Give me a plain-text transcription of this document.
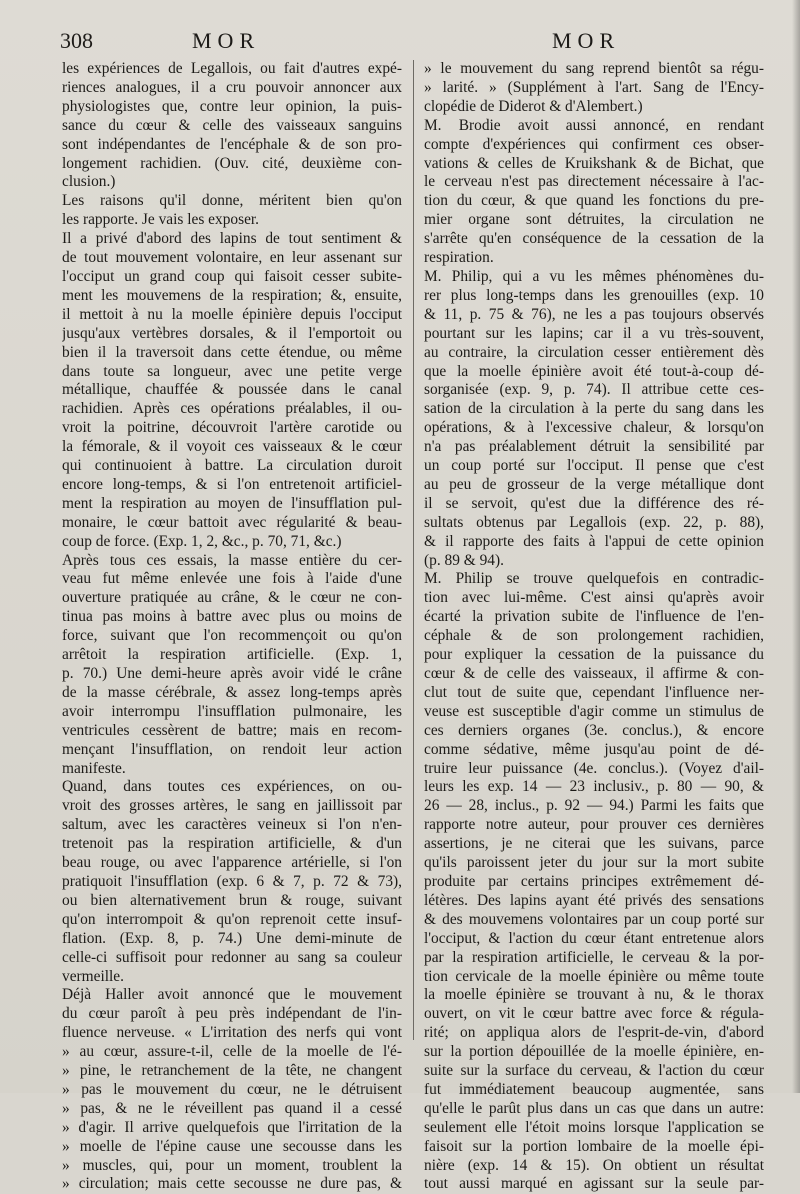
308	MOR	MOR
les expériences de Legallois, ou fait d'autres expé-
riences analogues, il a cru pouvoir annoncer aux
physiologistes que, contre leur opinion, la puis-
sance du cœur & celle des vaisseaux sanguins
sont indépendantes de l'encéphale & de son pro-
longement rachidien. (Ouv. cité, deuxième con-
clusion.)
Les raisons qu'il donne, méritent bien qu'on
les rapporte. Je vais les exposer.
Il a privé d'abord des lapins de tout sentiment &
de tout mouvement volontaire, en leur assenant sur
l'occiput un grand coup qui faisoit cesser subite-
ment les mouvemens de la respiration; &, ensuite,
il mettoit à nu la moelle épinière depuis l'occiput
jusqu'aux vertèbres dorsales, & il l'emportoit ou
bien il la traversoit dans cette étendue, ou même
dans toute sa longueur, avec une petite verge
métallique, chauffée & poussée dans le canal
rachidien. Après ces opérations préalables, il ou-
vroit la poitrine, découvroit l'artère carotide ou
la fémorale, & il voyoit ces vaisseaux & le cœur
qui continuoient à battre. La circulation duroit
encore long-temps, & si l'on entretenoit artificiel-
ment la respiration au moyen de l'insufflation pul-
monaire, le cœur battoit avec régularité & beau-
coup de force. (Exp. 1, 2, &c., p. 70, 71, &c.)
Après tous ces essais, la masse entière du cer-
veau fut même enlevée une fois à l'aide d'une
ouverture pratiquée au crâne, & le cœur ne con-
tinua pas moins à battre avec plus ou moins de
force, suivant que l'on recommençoit ou qu'on
arrêtoit la respiration artificielle. (Exp. 1,
p. 70.) Une demi-heure après avoir vidé le crâne
de la masse cérébrale, & assez long-temps après
avoir interrompu l'insufflation pulmonaire, les
ventricules cessèrent de battre; mais en recom-
mençant l'insufflation, on rendoit leur action
manifeste.
Quand, dans toutes ces expériences, on ou-
vroit des grosses artères, le sang en jaillissoit par
saltum, avec les caractères veineux si l'on n'en-
tretenoit pas la respiration artificielle, & d'un
beau rouge, ou avec l'apparence artérielle, si l'on
pratiquoit l'insufflation (exp. 6 & 7, p. 72 & 73),
ou bien alternativement brun & rouge, suivant
qu'on interrompoit & qu'on reprenoit cette insuf-
flation. (Exp. 8, p. 74.) Une demi-minute de
celle-ci suffisoit pour redonner au sang sa couleur
vermeille.
Déjà Haller avoit annoncé que le mouvement
du cœur paroît à peu près indépendant de l'in-
fluence nerveuse. « L'irritation des nerfs qui vont
» au cœur, assure-t-il, celle de la moelle de l'é-
» pine, le retranchement de la tête, ne changent
» pas le mouvement du cœur, ne le détruisent
» pas, & ne le réveillent pas quand il a cessé
» d'agir. Il arrive quelquefois que l'irritation de la
» moelle de l'épine cause une secousse dans les
» muscles, qui, pour un moment, troublent la
» circulation; mais cette secousse ne dure pas, &
» le mouvement du sang reprend bientôt sa régu-
» larité. » (Supplément à l'art. Sang de l'Ency-
clopédie de Diderot & d'Alembert.)
M. Brodie avoit aussi annoncé, en rendant
compte d'expériences qui confirment ces obser-
vations & celles de Kruikshank & de Bichat, que
le cerveau n'est pas directement nécessaire à l'ac-
tion du cœur, & que quand les fonctions du pre-
mier organe sont détruites, la circulation ne
s'arrête qu'en conséquence de la cessation de la
respiration.
M. Philip, qui a vu les mêmes phénomènes du-
rer plus long-temps dans les grenouilles (exp. 10
& 11, p. 75 & 76), ne les a pas toujours observés
pourtant sur les lapins; car il a vu très-souvent,
au contraire, la circulation cesser entièrement dès
que la moelle épinière avoit été tout-à-coup dé-
sorganisée (exp. 9, p. 74). Il attribue cette ces-
sation de la circulation à la perte du sang dans les
opérations, & à l'excessive chaleur, & lorsqu'on
n'a pas préalablement détruit la sensibilité par
un coup porté sur l'occiput. Il pense que c'est
au peu de grosseur de la verge métallique dont
il se servoit, qu'est due la différence des ré-
sultats obtenus par Legallois (exp. 22, p. 88),
& il rapporte des faits à l'appui de cette opinion
(p. 89 & 94).
M. Philip se trouve quelquefois en contradic-
tion avec lui-même. C'est ainsi qu'après avoir
écarté la privation subite de l'influence de l'en-
céphale & de son prolongement rachidien,
pour expliquer la cessation de la puissance du
cœur & de celle des vaisseaux, il affirme & con-
clut tout de suite que, cependant l'influence ner-
veuse est susceptible d'agir comme un stimulus de
ces derniers organes (3e. conclus.), & encore
comme sédative, même jusqu'au point de dé-
truire leur puissance (4e. conclus.). (Voyez d'ail-
leurs les exp. 14 — 23 inclusiv., p. 80 — 90, &
26 — 28, inclus., p. 92 — 94.) Parmi les faits que
rapporte notre auteur, pour prouver ces dernières
assertions, je ne citerai que les suivans, parce
qu'ils paroissent jeter du jour sur la mort subite
produite par certains principes extrêmement dé-
létères. Des lapins ayant été privés des sensations
& des mouvemens volontaires par un coup porté sur
l'occiput, & l'action du cœur étant entretenue alors
par la respiration artificielle, le cerveau & la por-
tion cervicale de la moelle épinière ou même toute
la moelle épinière se trouvant à nu, & le thorax
ouvert, on vit le cœur battre avec force & régula-
rité; on appliqua alors de l'esprit-de-vin, d'abord
sur la portion dépouillée de la moelle épinière, en-
suite sur la surface du cerveau, & l'action du cœur
fut immédiatement beaucoup augmentée, sans
qu'elle le parût plus dans un cas que dans un autre:
seulement elle l'étoit moins lorsque l'application se
faisoit sur la portion lombaire de la moelle épi-
nière (exp. 14 & 15). On obtient un résultat
tout aussi marqué en agissant sur la seule par-
